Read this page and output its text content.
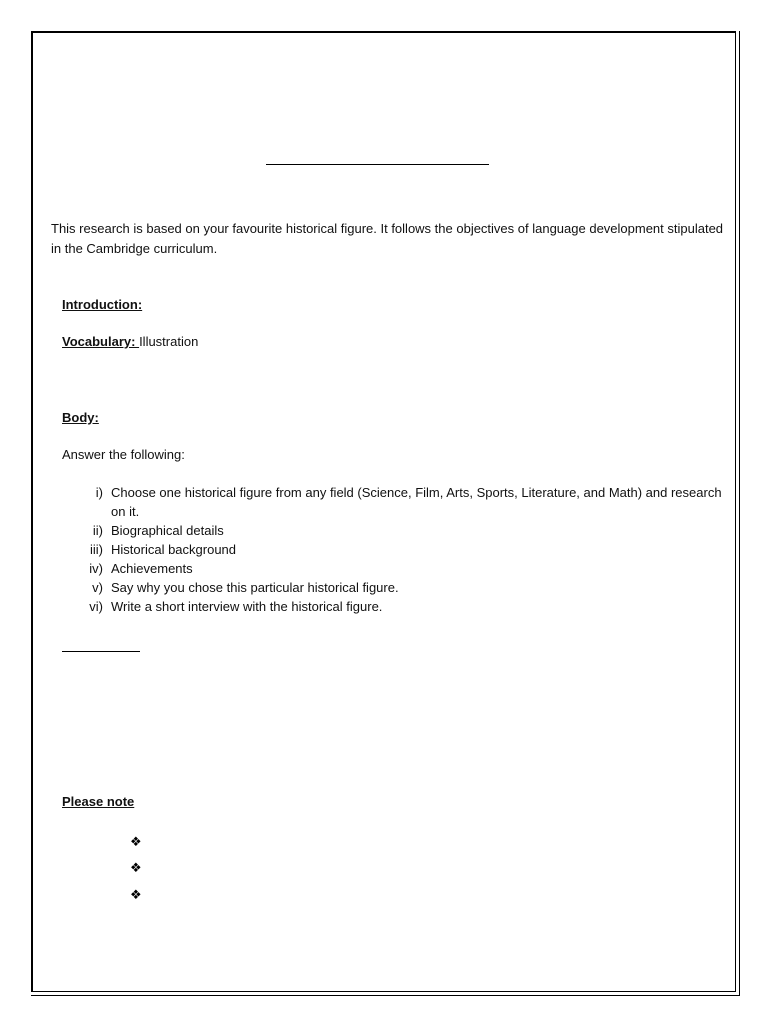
This research is based on your favourite historical figure. It follows the objectives of language development stipulated in the Cambridge curriculum.

Introduction:

Vocabulary: Illustration

Body:

Answer the following:

i) Choose one historical figure from any field (Science, Film, Arts, Sports, Literature, and Math) and research on it.
ii) Biographical details
iii) Historical background
iv) Achievements
v) Say why you chose this particular historical figure.
vi) Write a short interview with the historical figure.

Please note

❖
❖
❖
